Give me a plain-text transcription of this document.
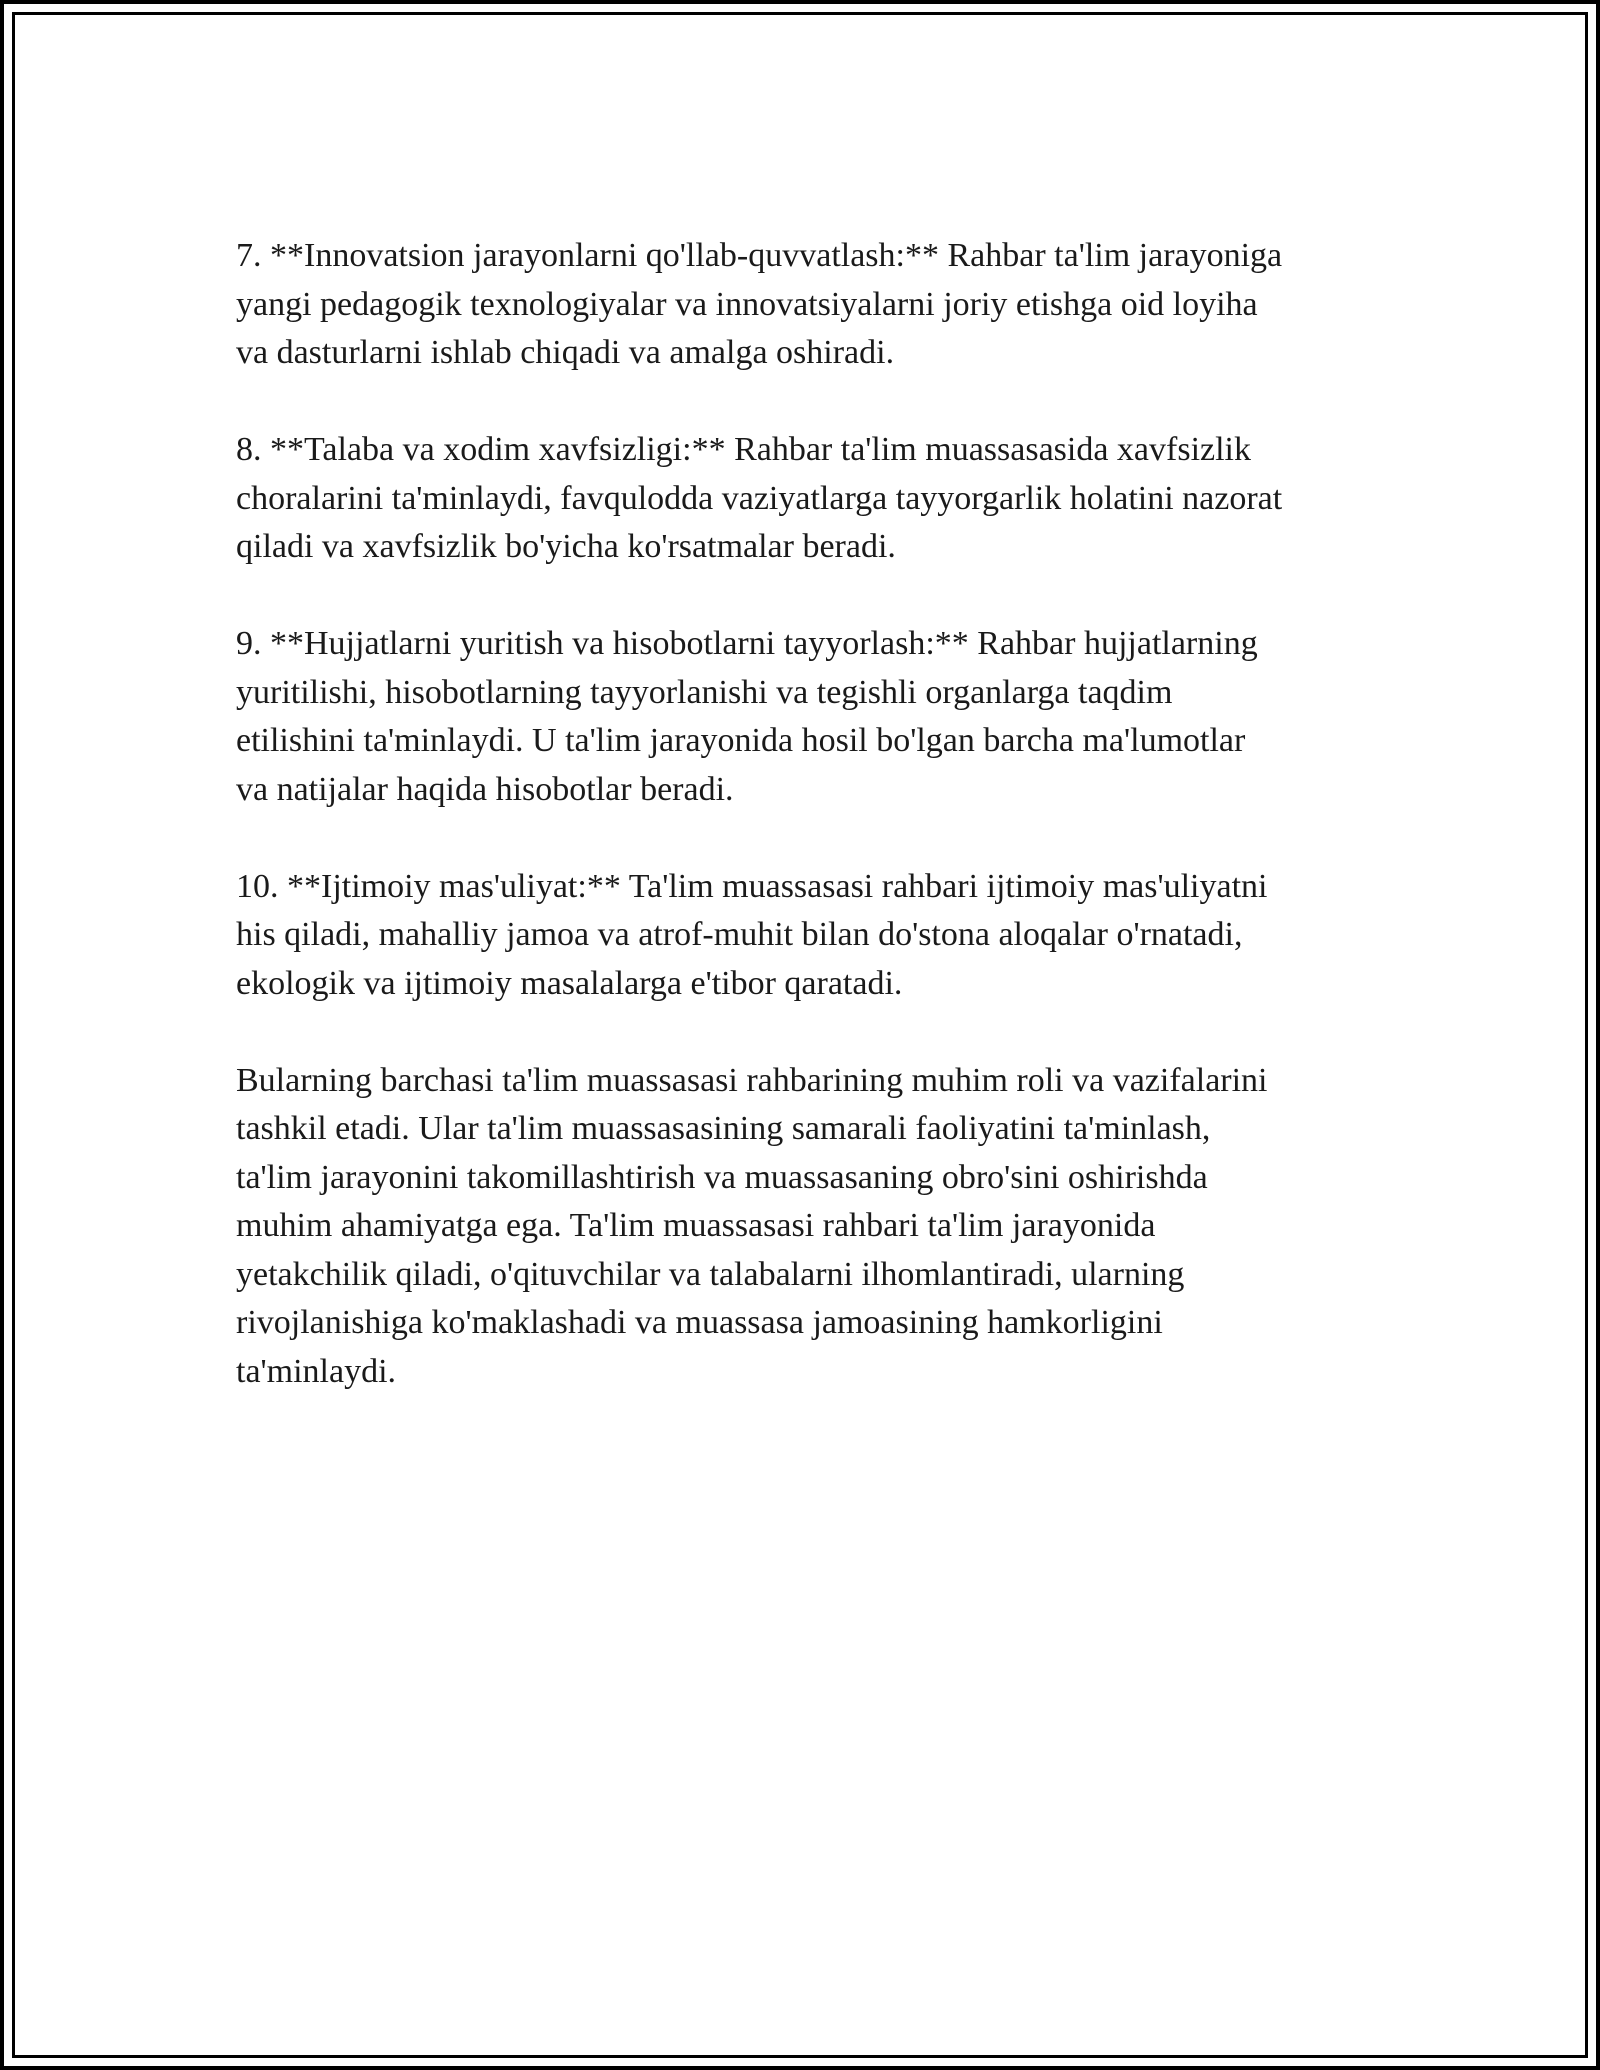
7. **Innovatsion jarayonlarni qo'llab-quvvatlash:** Rahbar ta'lim jarayoniga
yangi pedagogik texnologiyalar va innovatsiyalarni joriy etishga oid loyiha
va dasturlarni ishlab chiqadi va amalga oshiradi.

8. **Talaba va xodim xavfsizligi:** Rahbar ta'lim muassasasida xavfsizlik
choralarini ta'minlaydi, favqulodda vaziyatlarga tayyorgarlik holatini nazorat
qiladi va xavfsizlik bo'yicha ko'rsatmalar beradi.

9. **Hujjatlarni yuritish va hisobotlarni tayyorlash:** Rahbar hujjatlarning
yuritilishi, hisobotlarning tayyorlanishi va tegishli organlarga taqdim
etilishini ta'minlaydi. U ta'lim jarayonida hosil bo'lgan barcha ma'lumotlar
va natijalar haqida hisobotlar beradi.

10. **Ijtimoiy mas'uliyat:** Ta'lim muassasasi rahbari ijtimoiy mas'uliyatni
his qiladi, mahalliy jamoa va atrof-muhit bilan do'stona aloqalar o'rnatadi,
ekologik va ijtimoiy masalalarga e'tibor qaratadi.

Bularning barchasi ta'lim muassasasi rahbarining muhim roli va vazifalarini
tashkil etadi. Ular ta'lim muassasasining samarali faoliyatini ta'minlash,
ta'lim jarayonini takomillashtirish va muassasaning obro'sini oshirishda
muhim ahamiyatga ega. Ta'lim muassasasi rahbari ta'lim jarayonida
yetakchilik qiladi, o'qituvchilar va talabalarni ilhomlantiradi, ularning
rivojlanishiga ko'maklashadi va muassasa jamoasining hamkorligini
ta'minlaydi.
